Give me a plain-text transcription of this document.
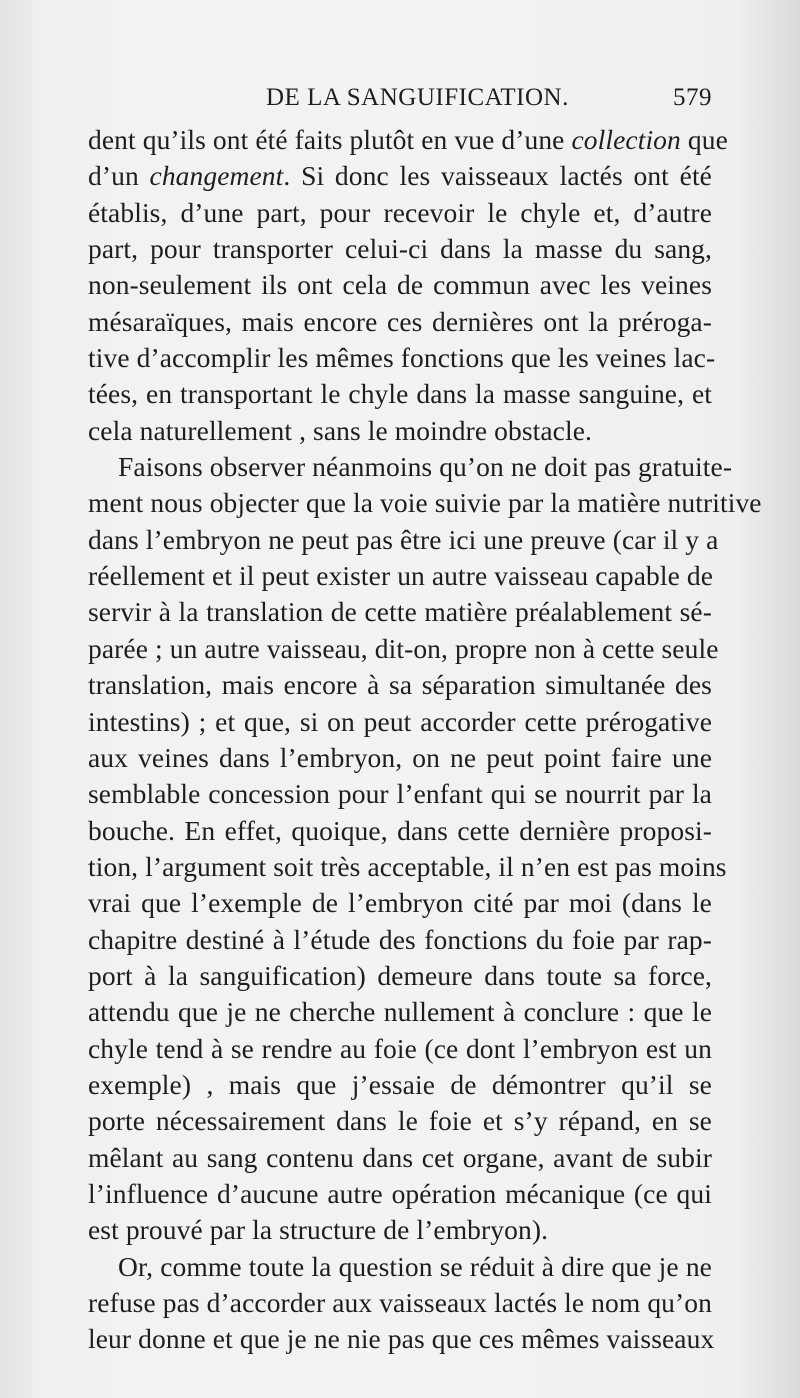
DE LA SANGUIFICATION.	579
dent qu’ils ont été faits plutôt en vue d’une collection que
d’un changement. Si donc les vaisseaux lactés ont été
établis, d’une part, pour recevoir le chyle et, d’autre
part, pour transporter celui-ci dans la masse du sang,
non-seulement ils ont cela de commun avec les veines
mésaraïques, mais encore ces dernières ont la préroga-
tive d’accomplir les mêmes fonctions que les veines lac-
tées, en transportant le chyle dans la masse sanguine, et
cela naturellement , sans le moindre obstacle.
Faisons observer néanmoins qu’on ne doit pas gratuite-
ment nous objecter que la voie suivie par la matière nutritive
dans l’embryon ne peut pas être ici une preuve (car il y a
réellement et il peut exister un autre vaisseau capable de
servir à la translation de cette matière préalablement sé-
parée ; un autre vaisseau, dit-on, propre non à cette seule
translation, mais encore à sa séparation simultanée des
intestins) ; et que, si on peut accorder cette prérogative
aux veines dans l’embryon, on ne peut point faire une
semblable concession pour l’enfant qui se nourrit par la
bouche. En effet, quoique, dans cette dernière proposi-
tion, l’argument soit très acceptable, il n’en est pas moins
vrai que l’exemple de l’embryon cité par moi (dans le
chapitre destiné à l’étude des fonctions du foie par rap-
port à la sanguification) demeure dans toute sa force,
attendu que je ne cherche nullement à conclure : que le
chyle tend à se rendre au foie (ce dont l’embryon est un
exemple) , mais que j’essaie de démontrer qu’il se
porte nécessairement dans le foie et s’y répand, en se
mêlant au sang contenu dans cet organe, avant de subir
l’influence d’aucune autre opération mécanique (ce qui
est prouvé par la structure de l’embryon).
Or, comme toute la question se réduit à dire que je ne
refuse pas d’accorder aux vaisseaux lactés le nom qu’on
leur donne et que je ne nie pas que ces mêmes vaisseaux
